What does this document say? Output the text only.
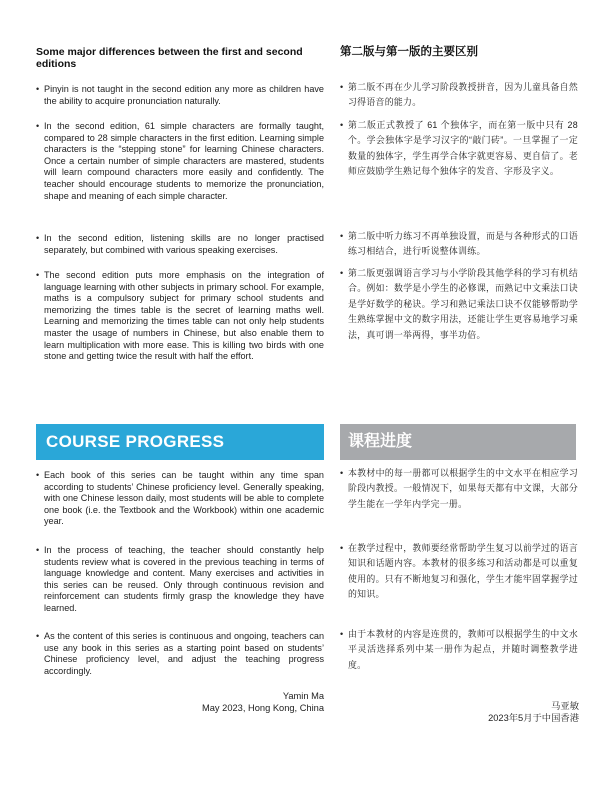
Some major differences between the first and second editions

第二版与第一版的主要区别

• Pinyin is not taught in the second edition any more as children have the ability to acquire pronunciation naturally.
• In the second edition, 61 simple characters are formally taught, compared to 28 simple characters in the first edition. Learning simple characters is the “stepping stone” for learning Chinese characters. Once a certain number of simple characters are mastered, students will learn compound characters more easily and confidently. The teacher should encourage students to memorize the pronunciation, shape and meaning of each simple character.
• In the second edition, listening skills are no longer practised separately, but combined with various speaking exercises.
• The second edition puts more emphasis on the integration of language learning with other subjects in primary school. For example, maths is a compulsory subject for primary school students and memorizing the times table is the secret of learning maths well. Learning and memorizing the times table can not only help students master the usage of numbers in Chinese, but also enable them to learn multiplication with more ease. This is killing two birds with one stone and getting twice the result with half the effort.
• 第二版不再在少儿学习阶段教授拼音，因为儿童具备自然习得语音的能力。
• 第二版正式教授了 61 个独体字，而在第一版中只有 28 个。学会独体字是学习汉字的“敲门砖”。一旦掌握了一定数量的独体字，学生再学合体字就更容易、更自信了。老师应鼓励学生熟记每个独体字的发音、字形及字义。
• 第二版中听力练习不再单独设置，而是与各种形式的口语练习相结合，进行听说整体训练。
• 第二版更强调语言学习与小学阶段其他学科的学习有机结合。例如：数学是小学生的必修课，而熟记中文乘法口诀是学好数学的秘诀。学习和熟记乘法口诀不仅能够帮助学生熟练掌握中文的数字用法，还能让学生更容易地学习乘法，真可谓一举两得，事半功倍。
COURSE PROGRESS	课程进度
• Each book of this series can be taught within any time span according to students’ Chinese proficiency level. Generally speaking, with one Chinese lesson daily, most students will be able to complete one book (i.e. the Textbook and the Workbook) within one academic year.
• In the process of teaching, the teacher should constantly help students review what is covered in the previous teaching in terms of language knowledge and content. Many exercises and activities in this series can be reused. Only through continuous revision and reinforcement can students firmly grasp the knowledge they have learned.
• As the content of this series is continuous and ongoing, teachers can use any book in this series as a starting point based on students’ Chinese proficiency level, and adjust the teaching progress accordingly.
• 本教材中的每一册都可以根据学生的中文水平在相应学习阶段内教授。一般情况下，如果每天都有中文课，大部分学生能在一学年内学完一册。
• 在教学过程中，教师要经常帮助学生复习以前学过的语言知识和话题内容。本教材的很多练习和活动都是可以重复使用的。只有不断地复习和强化，学生才能牢固掌握学过的知识。
• 由于本教材的内容是连贯的，教师可以根据学生的中文水平灵活选择系列中某一册作为起点，并随时调整教学进度。
Yamin Ma
May 2023, Hong Kong, China	马亚敏
2023年5月于中国香港
